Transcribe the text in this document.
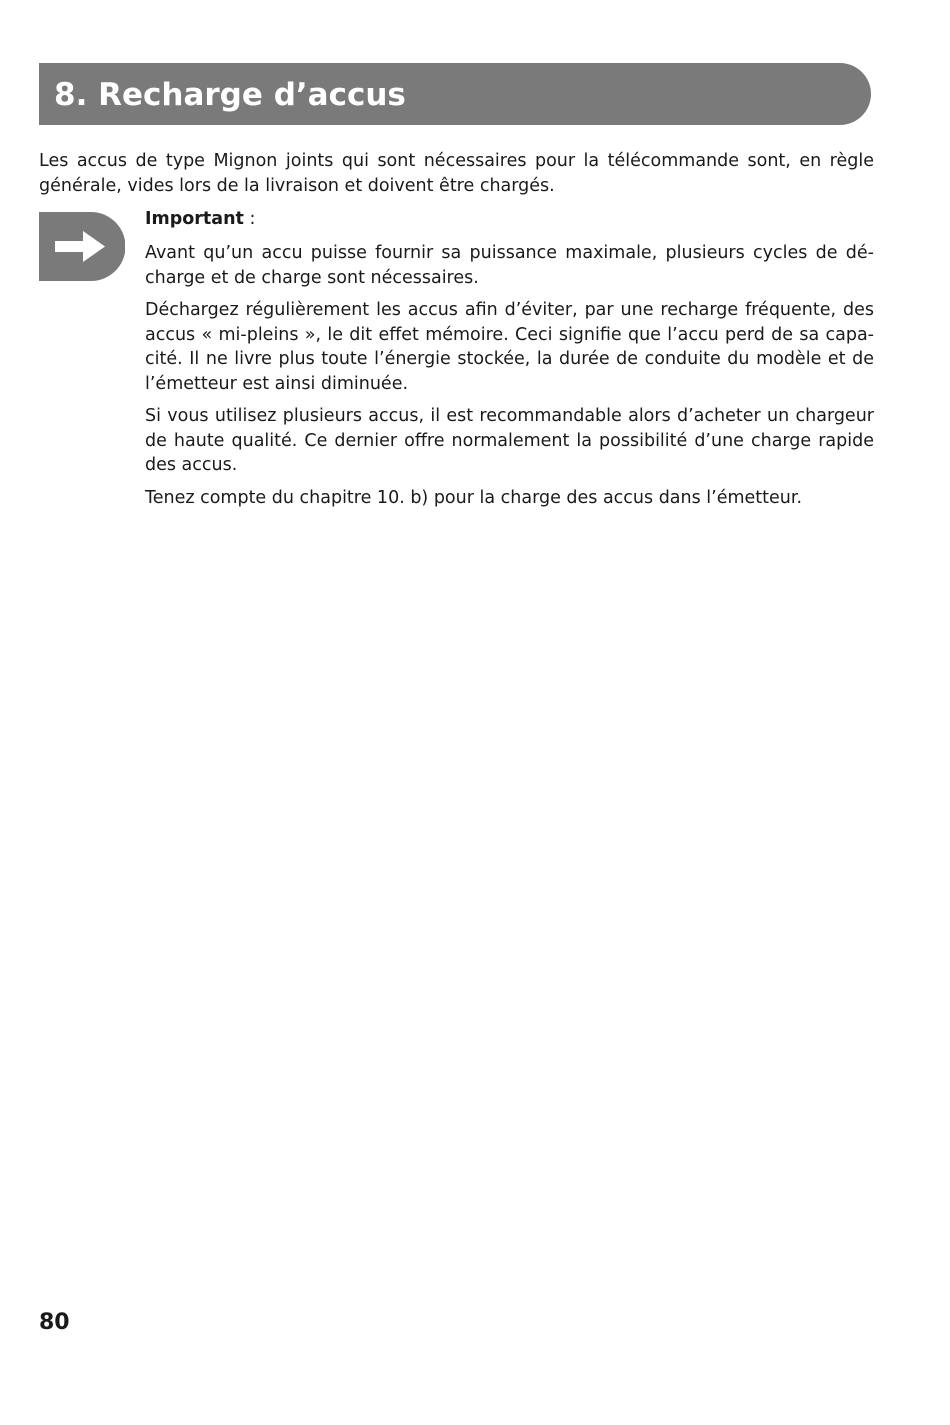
8. Recharge d’accus

Les accus de type Mignon joints qui sont nécessaires pour la télécommande sont, en règle générale, vides lors de la livraison et doivent être chargés.

Important :

Avant qu’un accu puisse fournir sa puissance maximale, plusieurs cycles de décharge et de charge sont nécessaires.

Déchargez régulièrement les accus afin d’éviter, par une recharge fréquente, des accus « mi-pleins », le dit effet mémoire. Ceci signifie que l’accu perd de sa capacité. Il ne livre plus toute l’énergie stockée, la durée de conduite du modèle et de l’émetteur est ainsi diminuée.

Si vous utilisez plusieurs accus, il est recommandable alors d’acheter un chargeur de haute qualité. Ce dernier offre normalement la possibilité d’une charge rapide des accus.

Tenez compte du chapitre 10. b) pour la charge des accus dans l’émetteur.

80
